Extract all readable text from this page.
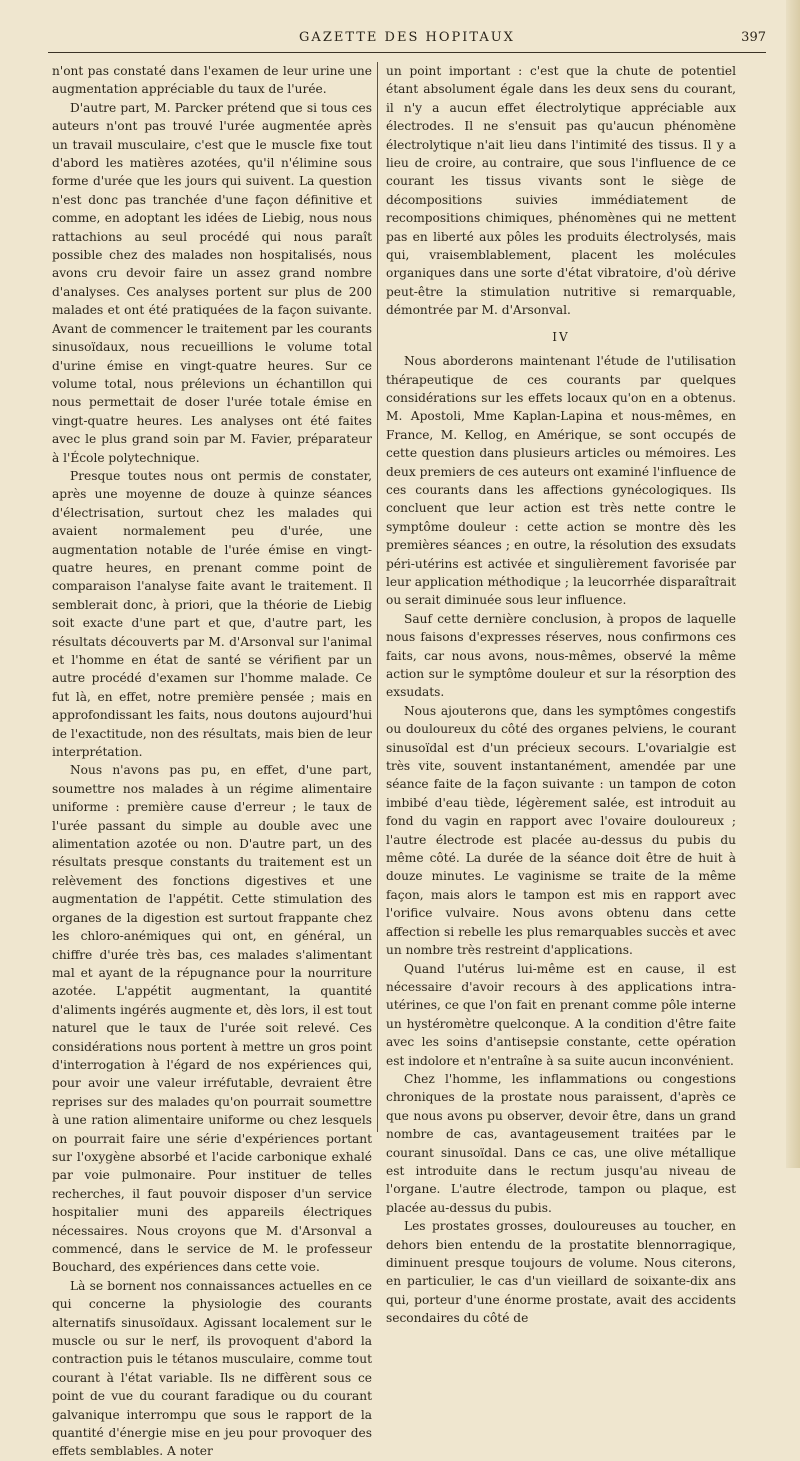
GAZETTE DES HOPITAUX	397

n'ont pas constaté dans l'examen de leur urine une augmentation appréciable du taux de l'urée.

D'autre part, M. Parcker prétend que si tous ces auteurs n'ont pas trouvé l'urée augmentée après un travail musculaire, c'est que le muscle fixe tout d'abord les matières azotées, qu'il n'élimine sous forme d'urée que les jours qui suivent. La question n'est donc pas tranchée d'une façon définitive et comme, en adoptant les idées de Liebig, nous nous rattachions au seul procédé qui nous paraît possible chez des malades non hospitalisés, nous avons cru devoir faire un assez grand nombre d'analyses. Ces analyses portent sur plus de 200 malades et ont été pratiquées de la façon suivante. Avant de commencer le traitement par les courants sinusoïdaux, nous recueillions le volume total d'urine émise en vingt-quatre heures. Sur ce volume total, nous prélevions un échantillon qui nous permettait de doser l'urée totale émise en vingt-quatre heures. Les analyses ont été faites avec le plus grand soin par M. Favier, préparateur à l'École polytechnique.

Presque toutes nous ont permis de constater, après une moyenne de douze à quinze séances d'électrisation, surtout chez les malades qui avaient normalement peu d'urée, une augmentation notable de l'urée émise en vingt-quatre heures, en prenant comme point de comparaison l'analyse faite avant le traitement. Il semblerait donc, à priori, que la théorie de Liebig soit exacte d'une part et que, d'autre part, les résultats découverts par M. d'Arsonval sur l'animal et l'homme en état de santé se vérifient par un autre procédé d'examen sur l'homme malade. Ce fut là, en effet, notre première pensée ; mais en approfondissant les faits, nous doutons aujourd'hui de l'exactitude, non des résultats, mais bien de leur interprétation.

Nous n'avons pas pu, en effet, d'une part, soumettre nos malades à un régime alimentaire uniforme : première cause d'erreur ; le taux de l'urée passant du simple au double avec une alimentation azotée ou non. D'autre part, un des résultats presque constants du traitement est un relèvement des fonctions digestives et une augmentation de l'appétit. Cette stimulation des organes de la digestion est surtout frappante chez les chloro-anémiques qui ont, en général, un chiffre d'urée très bas, ces malades s'alimentant mal et ayant de la répugnance pour la nourriture azotée. L'appétit augmentant, la quantité d'aliments ingérés augmente et, dès lors, il est tout naturel que le taux de l'urée soit relevé. Ces considérations nous portent à mettre un gros point d'interrogation à l'égard de nos expériences qui, pour avoir une valeur irréfutable, devraient être reprises sur des malades qu'on pourrait soumettre à une ration alimentaire uniforme ou chez lesquels on pourrait faire une série d'expériences portant sur l'oxygène absorbé et l'acide carbonique exhalé par voie pulmonaire. Pour instituer de telles recherches, il faut pouvoir disposer d'un service hospitalier muni des appareils électriques nécessaires. Nous croyons que M. d'Arsonval a commencé, dans le service de M. le professeur Bouchard, des expériences dans cette voie.

Là se bornent nos connaissances actuelles en ce qui concerne la physiologie des courants alternatifs sinusoïdaux. Agissant localement sur le muscle ou sur le nerf, ils provoquent d'abord la contraction puis le tétanos musculaire, comme tout courant à l'état variable. Ils ne diffèrent sous ce point de vue du courant faradique ou du courant galvanique interrompu que sous le rapport de la quantité d'énergie mise en jeu pour provoquer des effets semblables. A noter

un point important : c'est que la chute de potentiel étant absolument égale dans les deux sens du courant, il n'y a aucun effet électrolytique appréciable aux électrodes. Il ne s'ensuit pas qu'aucun phénomène électrolytique n'ait lieu dans l'intimité des tissus. Il y a lieu de croire, au contraire, que sous l'influence de ce courant les tissus vivants sont le siège de décompositions suivies immédiatement de recompositions chimiques, phénomènes qui ne mettent pas en liberté aux pôles les produits électrolysés, mais qui, vraisemblablement, placent les molécules organiques dans une sorte d'état vibratoire, d'où dérive peut-être la stimulation nutritive si remarquable, démontrée par M. d'Arsonval.

IV

Nous aborderons maintenant l'étude de l'utilisation thérapeutique de ces courants par quelques considérations sur les effets locaux qu'on en a obtenus. M. Apostoli, Mme Kaplan-Lapina et nous-mêmes, en France, M. Kellog, en Amérique, se sont occupés de cette question dans plusieurs articles ou mémoires. Les deux premiers de ces auteurs ont examiné l'influence de ces courants dans les affections gynécologiques. Ils concluent que leur action est très nette contre le symptôme douleur : cette action se montre dès les premières séances ; en outre, la résolution des exsudats péri-utérins est activée et singulièrement favorisée par leur application méthodique ; la leucorrhée disparaîtrait ou serait diminuée sous leur influence.

Sauf cette dernière conclusion, à propos de laquelle nous faisons d'expresses réserves, nous confirmons ces faits, car nous avons, nous-mêmes, observé la même action sur le symptôme douleur et sur la résorption des exsudats.

Nous ajouterons que, dans les symptômes congestifs ou douloureux du côté des organes pelviens, le courant sinusoïdal est d'un précieux secours. L'ovarialgie est très vite, souvent instantanément, amendée par une séance faite de la façon suivante : un tampon de coton imbibé d'eau tiède, légèrement salée, est introduit au fond du vagin en rapport avec l'ovaire douloureux ; l'autre électrode est placée au-dessus du pubis du même côté. La durée de la séance doit être de huit à douze minutes. Le vaginisme se traite de la même façon, mais alors le tampon est mis en rapport avec l'orifice vulvaire. Nous avons obtenu dans cette affection si rebelle les plus remarquables succès et avec un nombre très restreint d'applications.

Quand l'utérus lui-même est en cause, il est nécessaire d'avoir recours à des applications intra-utérines, ce que l'on fait en prenant comme pôle interne un hystéromètre quelconque. A la condition d'être faite avec les soins d'antisepsie constante, cette opération est indolore et n'entraîne à sa suite aucun inconvénient.

Chez l'homme, les inflammations ou congestions chroniques de la prostate nous paraissent, d'après ce que nous avons pu observer, devoir être, dans un grand nombre de cas, avantageusement traitées par le courant sinusoïdal. Dans ce cas, une olive métallique est introduite dans le rectum jusqu'au niveau de l'organe. L'autre électrode, tampon ou plaque, est placée au-dessus du pubis.

Les prostates grosses, douloureuses au toucher, en dehors bien entendu de la prostatite blennorragique, diminuent presque toujours de volume. Nous citerons, en particulier, le cas d'un vieillard de soixante-dix ans qui, porteur d'une énorme prostate, avait des accidents secondaires du côté de
